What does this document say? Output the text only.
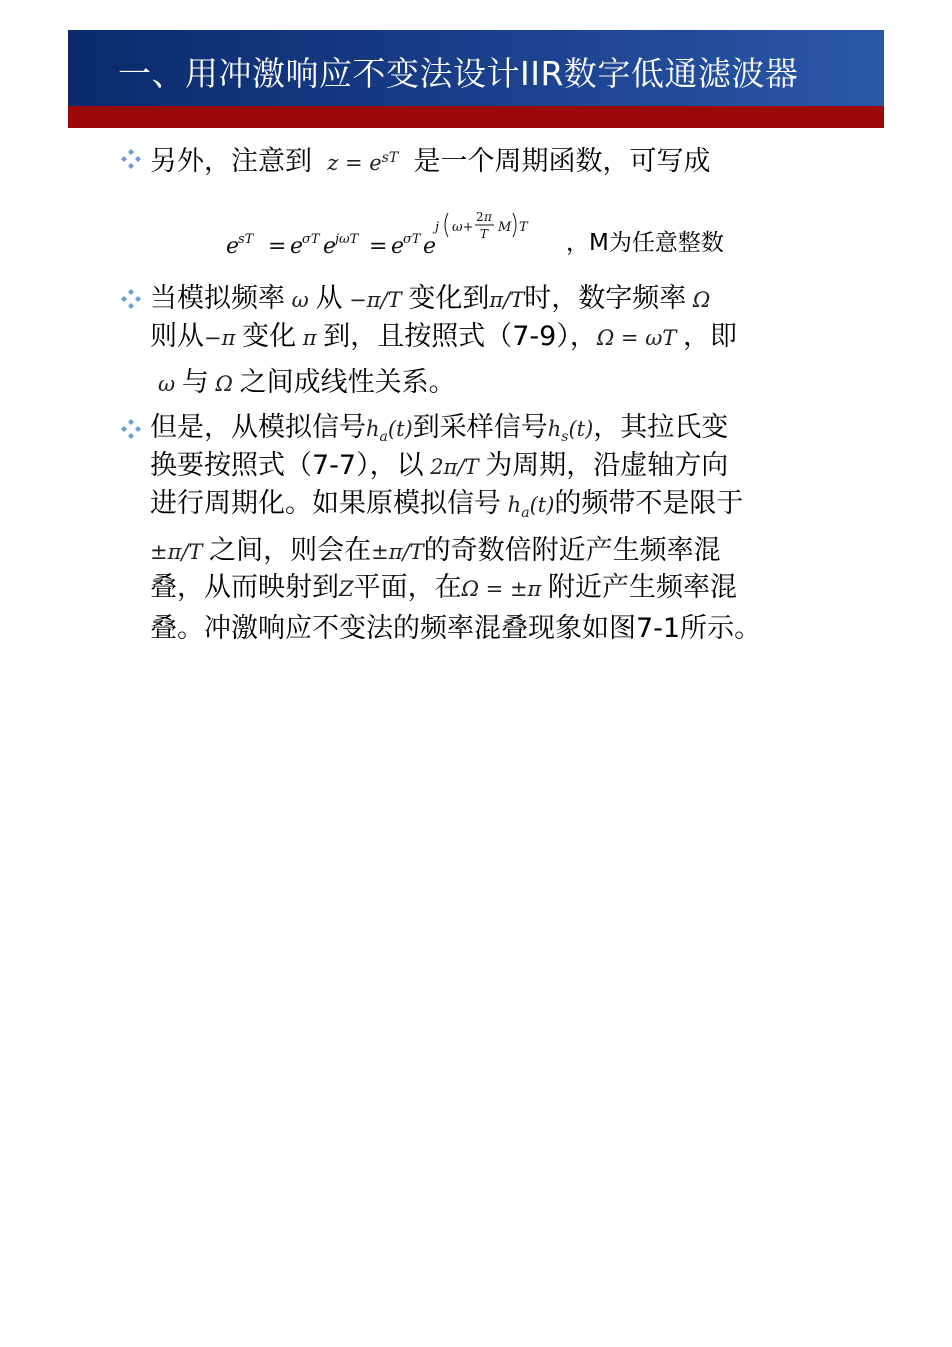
一、用冲激响应不变法设计IIR数字低通滤波器
另外，注意到  $z = e^{sT}$ 是一个周期函数，可写成
e
sT = e
σT e
jωT = e
σT e
j ω+
2 π
T M T
，M为任意整数
当模拟频率 ω 从 −π/T 变化到π/T时，数字频率 Ω
则从−π 变化 π 到，且按照式（7-9），Ω = ωT ，即
ω 与 Ω 之间成线性关系。
但是，从模拟信号$h_a(t)$到采样信号$h_s(t)$，其拉氏变
换要按照式（7-7），以 2π/T 为周期，沿虚轴方向
进行周期化。如果原模拟信号 $h_a(t)$的频带不是限于
±π/T 之间，则会在±π/T的奇数倍附近产生频率混
叠，从而映射到Z平面，在Ω = ±π 附近产生频率混
叠。冲激响应不变法的频率混叠现象如图7-1所示。
